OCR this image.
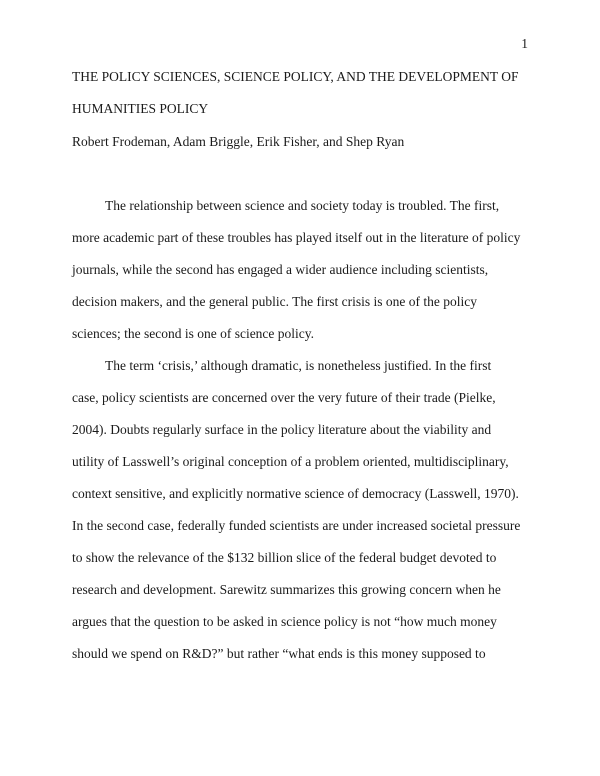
1
THE POLICY SCIENCES, SCIENCE POLICY, AND THE DEVELOPMENT OF
HUMANITIES POLICY
Robert Frodeman, Adam Briggle, Erik Fisher, and Shep Ryan
The relationship between science and society today is troubled. The first,
more academic part of these troubles has played itself out in the literature of policy
journals, while the second has engaged a wider audience including scientists,
decision makers, and the general public. The first crisis is one of the policy
sciences; the second is one of science policy.
The term ‘crisis,’ although dramatic, is nonetheless justified. In the first
case, policy scientists are concerned over the very future of their trade (Pielke,
2004). Doubts regularly surface in the policy literature about the viability and
utility of Lasswell’s original conception of a problem oriented, multidisciplinary,
context sensitive, and explicitly normative science of democracy (Lasswell, 1970).
In the second case, federally funded scientists are under increased societal pressure
to show the relevance of the $132 billion slice of the federal budget devoted to
research and development. Sarewitz summarizes this growing concern when he
argues that the question to be asked in science policy is not “how much money
should we spend on R&D?” but rather “what ends is this money supposed to
